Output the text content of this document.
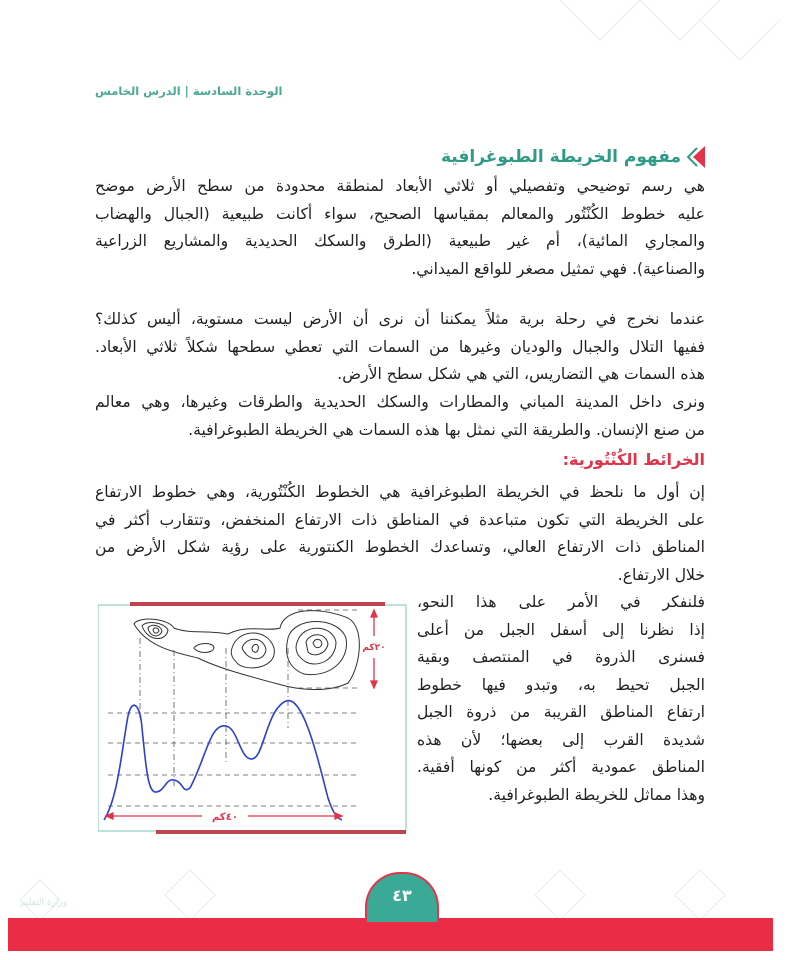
الوحدة السادسة | الدرس الخامس
مفهوم الخريطة الطبوغرافية
هي رسم توضيحي وتفصيلي أو ثلاثي الأبعاد لمنطقة محدودة من سطح الأرض موضح
عليه خطوط الكُنْتُور والمعالم بمقياسها الصحيح، سواء أكانت طبيعية (الجبال والهضاب
والمجاري المائية)، أم غير طبيعية (الطرق والسكك الحديدية والمشاريع الزراعية
والصناعية). فهي تمثيل مصغر للواقع الميداني.
عندما نخرج في رحلة برية مثلاً يمكننا أن نرى أن الأرض ليست مستوية، أليس كذلك؟
ففيها التلال والجبال والوديان وغيرها من السمات التي تعطي سطحها شكلاً ثلاثي الأبعاد.
هذه السمات هي التضاريس، التي هي شكل سطح الأرض.
ونرى داخل المدينة المباني والمطارات والسكك الحديدية والطرقات وغيرها، وهي معالم
من صنع الإنسان. والطريقة التي نمثل بها هذه السمات هي الخريطة الطبوغرافية.
الخرائط الكُنْتُورية:
إن أول ما نلحظ في الخريطة الطبوغرافية هي الخطوط الكُنْتُورية، وهي خطوط الارتفاع
على الخريطة التي تكون متباعدة في المناطق ذات الارتفاع المنخفض، وتتقارب أكثر في
المناطق ذات الارتفاع العالي، وتساعدك الخطوط الكنتورية على رؤية شكل الأرض من
خلال الارتفاع.
فلنفكر في الأمر على هذا النحو،
إذا نظرنا إلى أسفل الجبل من أعلى
فسنرى الذروة في المنتصف وبقية
الجبل تحيط به، وتبدو فيها خطوط
ارتفاع المناطق القريبة من ذروة الجبل
شديدة القرب إلى بعضها؛ لأن هذه
المناطق عمودية أكثر من كونها أفقية.
وهذا مماثل للخريطة الطبوغرافية.
٤٠كم
٢٠كم
وزارة التعليم	٤٣
